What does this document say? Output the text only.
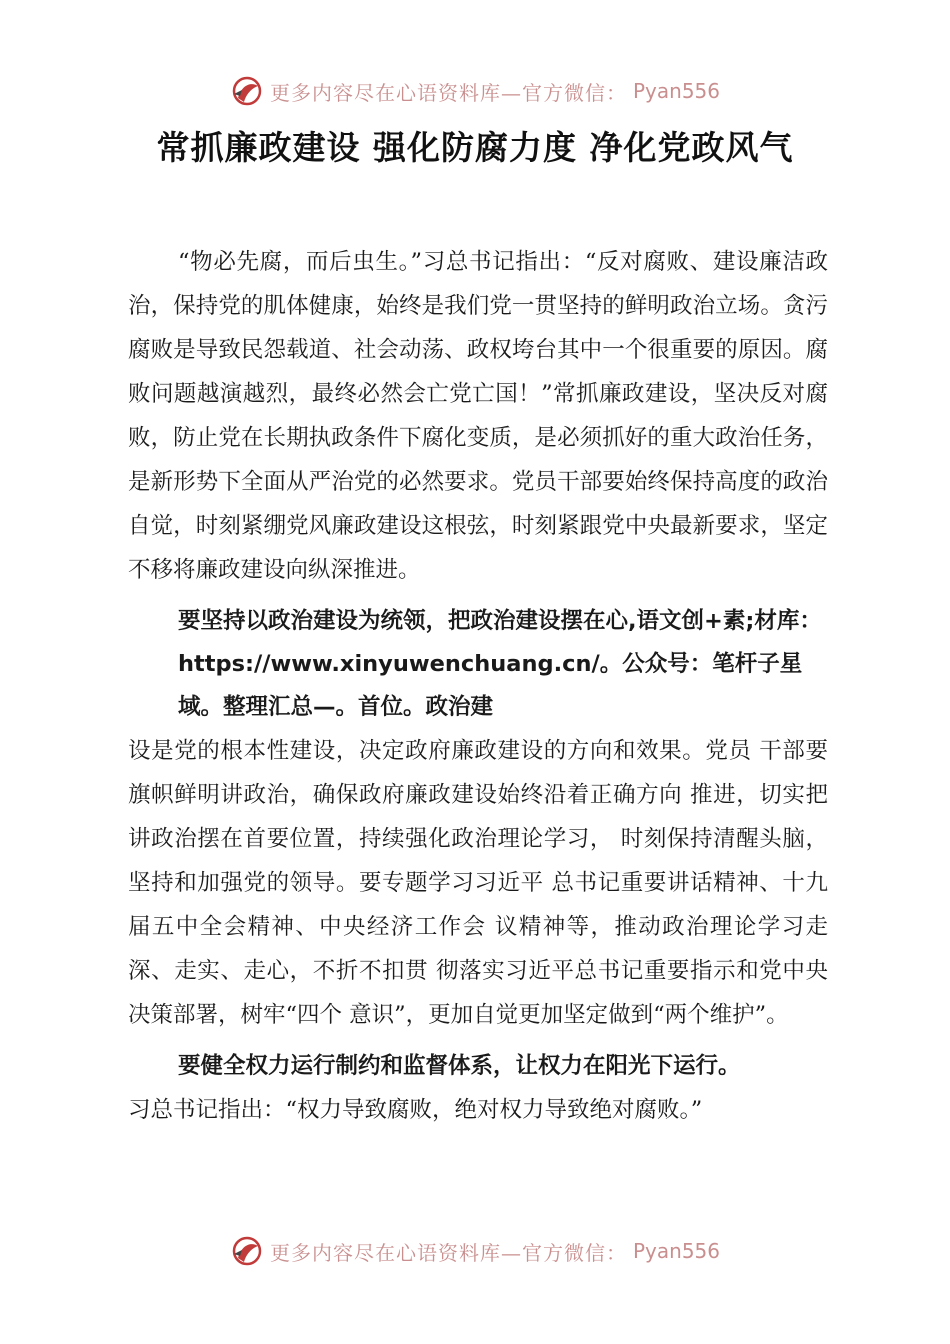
更多内容尽在心语资料库—官方微信： Pyan556
常抓廉政建设 强化防腐力度 净化党政风气

“物必先腐，而后虫生。”习总书记指出：“反对腐败、建设廉洁政治，保持党的肌体健康，始终是我们党一贯坚持的鲜明政治立场。贪污腐败是导致民怨载道、社会动荡、政权垮台其中一个很重要的原因。腐败问题越演越烈，最终必然会亡党亡国！”常抓廉政建设，坚决反对腐败，防止党在长期执政条件下腐化变质，是必须抓好的重大政治任务，是新形势下全面从严治党的必然要求。党员干部要始终保持高度的政治自觉，时刻紧绷党风廉政建设这根弦，时刻紧跟党中央最新要求，坚定不移将廉政建设向纵深推进。

要坚持以政治建设为统领，把政治建设摆在心,语文创+素;材库：https://www.xinyuwenchuang.cn/。公众号：笔杆子星域。整理汇总—。首位。政治建

设是党的根本性建设，决定政府廉政建设的方向和效果。党员 干部要旗帜鲜明讲政治，确保政府廉政建设始终沿着正确方向 推进，切实把讲政治摆在首要位置，持续强化政治理论学习， 时刻保持清醒头脑，坚持和加强党的领导。要专题学习习近平 总书记重要讲话精神、十九届五中全会精神、中央经济工作会 议精神等，推动政治理论学习走深、走实、走心，不折不扣贯 彻落实习近平总书记重要指示和党中央决策部署，树牢“四个 意识”，更加自觉更加坚定做到“两个维护”。

要健全权力运行制约和监督体系，让权力在阳光下运行。

习总书记指出：“权力导致腐败，绝对权力导致绝对腐败。”

更多内容尽在心语资料库—官方微信： Pyan556
